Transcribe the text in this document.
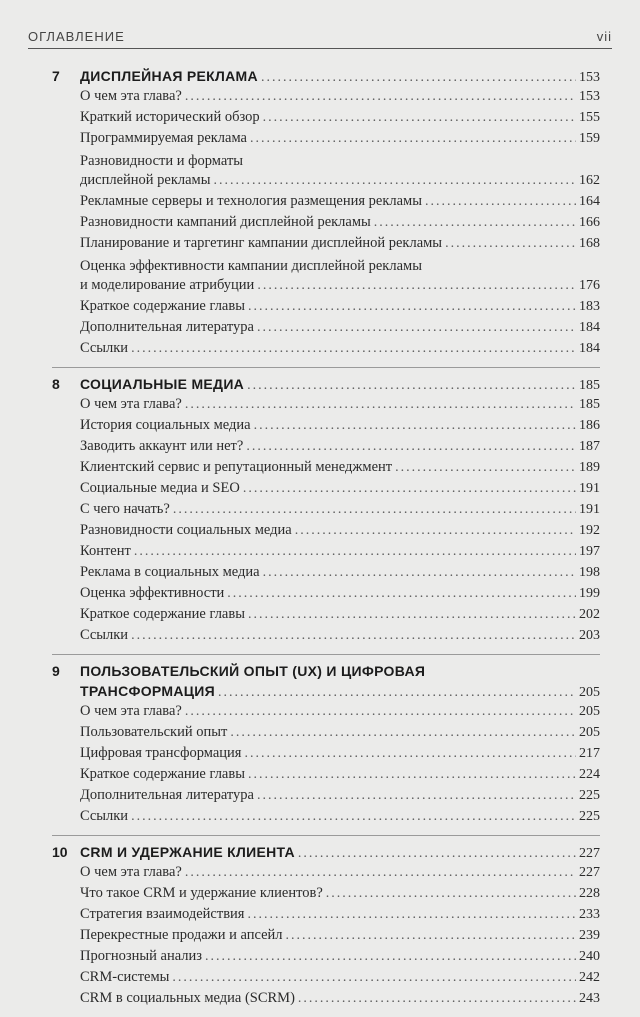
ОГЛАВЛЕНИЕ	vii
7	ДИСПЛЕЙНАЯ РЕКЛАМА .....	153
О чем эта глава? .....	153
Краткий исторический обзор .....	155
Программируемая реклама .....	159
Разновидности и форматы
дисплейной рекламы .....	162
Рекламные серверы и технология размещения рекламы .....	164
Разновидности кампаний дисплейной рекламы .....	166
Планирование и таргетинг кампании дисплейной рекламы .....	168
Оценка эффективности кампании дисплейной рекламы
и моделирование атрибуции .....	176
Краткое содержание главы .....	183
Дополнительная литература .....	184
Ссылки .....	184
8	СОЦИАЛЬНЫЕ МЕДИА .....	185
О чем эта глава? .....	185
История социальных медиа .....	186
Заводить аккаунт или нет? .....	187
Клиентский сервис и репутационный менеджмент .....	189
Социальные медиа и SEO .....	191
С чего начать? .....	191
Разновидности социальных медиа .....	192
Контент .....	197
Реклама в социальных медиа .....	198
Оценка эффективности .....	199
Краткое содержание главы .....	202
Ссылки .....	203
9	ПОЛЬЗОВАТЕЛЬСКИЙ ОПЫТ (UX) И ЦИФРОВАЯ
ТРАНСФОРМАЦИЯ .....	205
О чем эта глава? .....	205
Пользовательский опыт .....	205
Цифровая трансформация .....	217
Краткое содержание главы .....	224
Дополнительная литература .....	225
Ссылки .....	225
10 CRM И УДЕРЖАНИЕ КЛИЕНТА .....	227
О чем эта глава? .....	227
Что такое CRM и удержание клиентов? .....	228
Стратегия взаимодействия .....	233
Перекрестные продажи и апсейл .....	239
Прогнозный анализ .....	240
CRM-системы .....	242
CRM в социальных медиа (SCRM) .....	243
